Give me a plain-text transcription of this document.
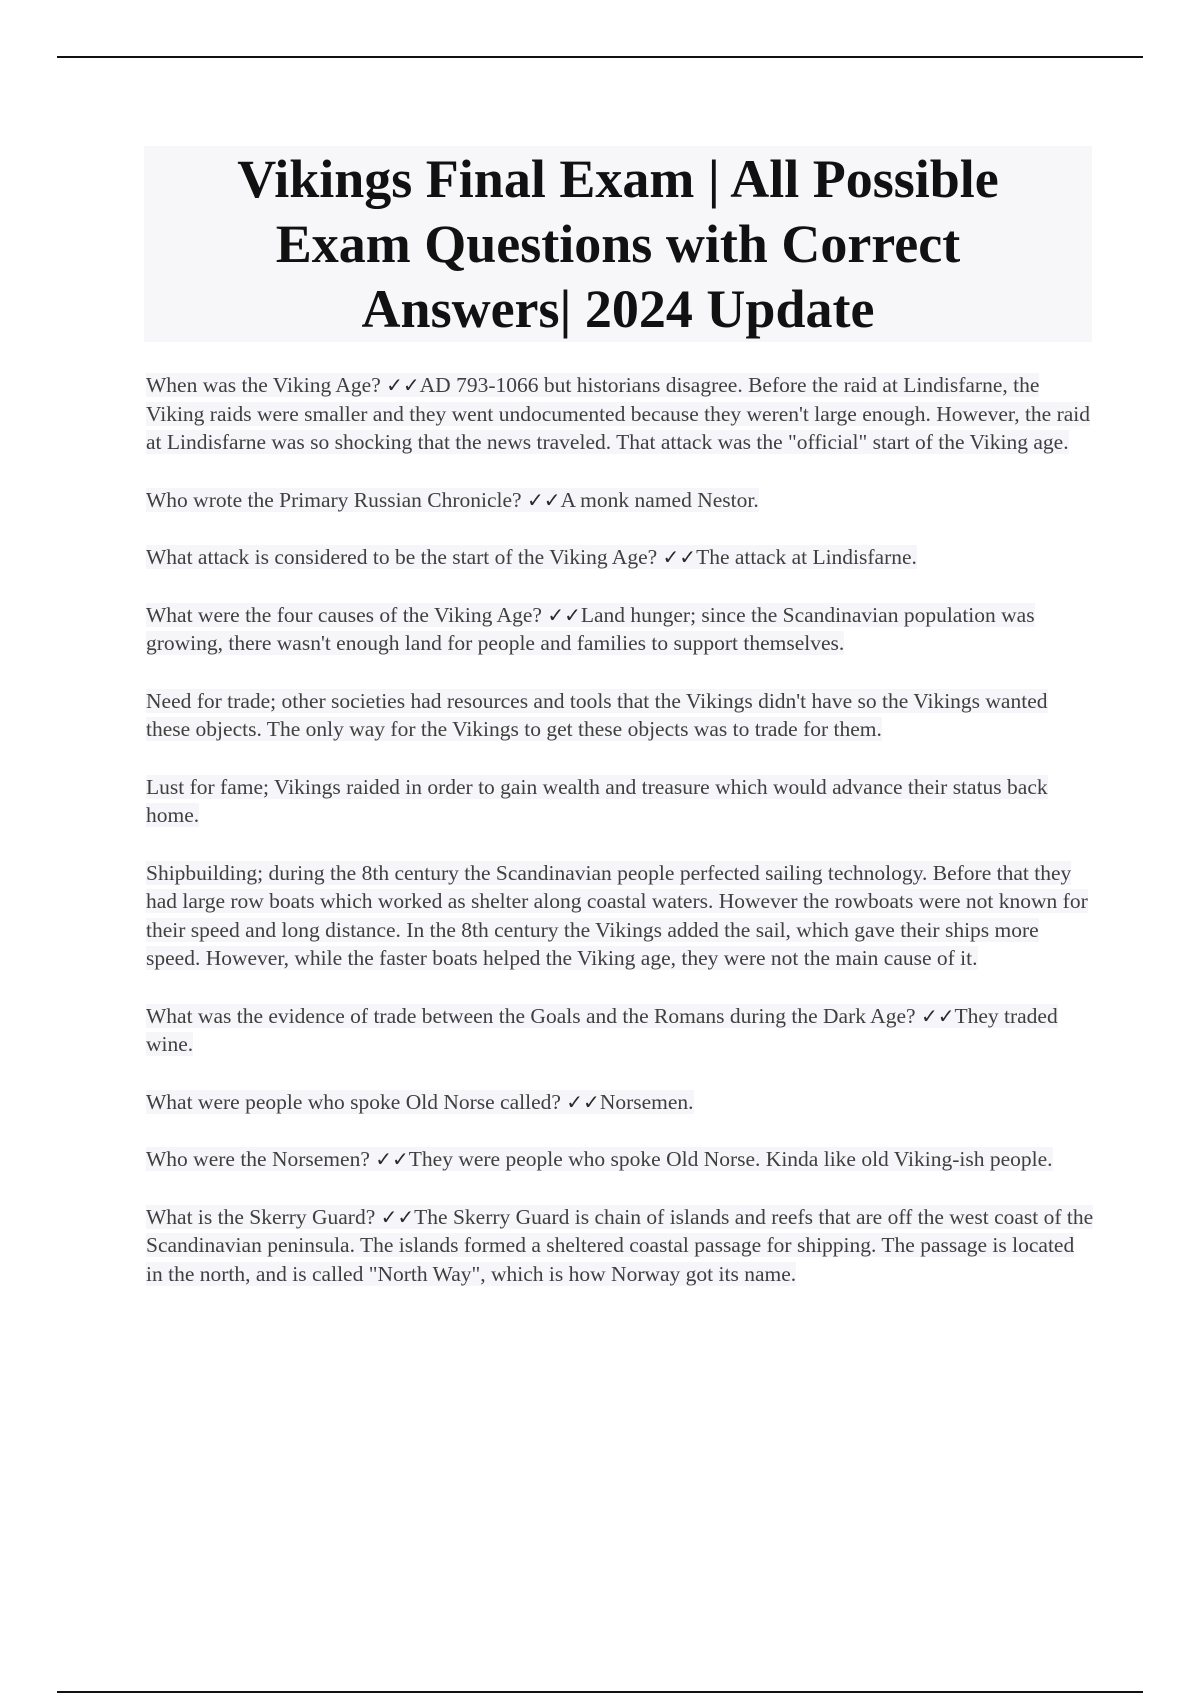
Vikings Final Exam | All Possible Exam Questions with Correct Answers| 2024 Update

When was the Viking Age? ✓✓AD 793-1066 but historians disagree. Before the raid at Lindisfarne, the Viking raids were smaller and they went undocumented because they weren't large enough. However, the raid at Lindisfarne was so shocking that the news traveled. That attack was the "official" start of the Viking age.

Who wrote the Primary Russian Chronicle? ✓✓A monk named Nestor.

What attack is considered to be the start of the Viking Age? ✓✓The attack at Lindisfarne.

What were the four causes of the Viking Age? ✓✓Land hunger; since the Scandinavian population was growing, there wasn't enough land for people and families to support themselves.

Need for trade; other societies had resources and tools that the Vikings didn't have so the Vikings wanted these objects. The only way for the Vikings to get these objects was to trade for them.

Lust for fame; Vikings raided in order to gain wealth and treasure which would advance their status back home.

Shipbuilding; during the 8th century the Scandinavian people perfected sailing technology. Before that they had large row boats which worked as shelter along coastal waters. However the rowboats were not known for their speed and long distance. In the 8th century the Vikings added the sail, which gave their ships more speed. However, while the faster boats helped the Viking age, they were not the main cause of it.

What was the evidence of trade between the Goals and the Romans during the Dark Age? ✓✓They traded wine.

What were people who spoke Old Norse called? ✓✓Norsemen.

Who were the Norsemen? ✓✓They were people who spoke Old Norse. Kinda like old Viking-ish people.

What is the Skerry Guard? ✓✓The Skerry Guard is chain of islands and reefs that are off the west coast of the Scandinavian peninsula. The islands formed a sheltered coastal passage for shipping. The passage is located in the north, and is called "North Way", which is how Norway got its name.
